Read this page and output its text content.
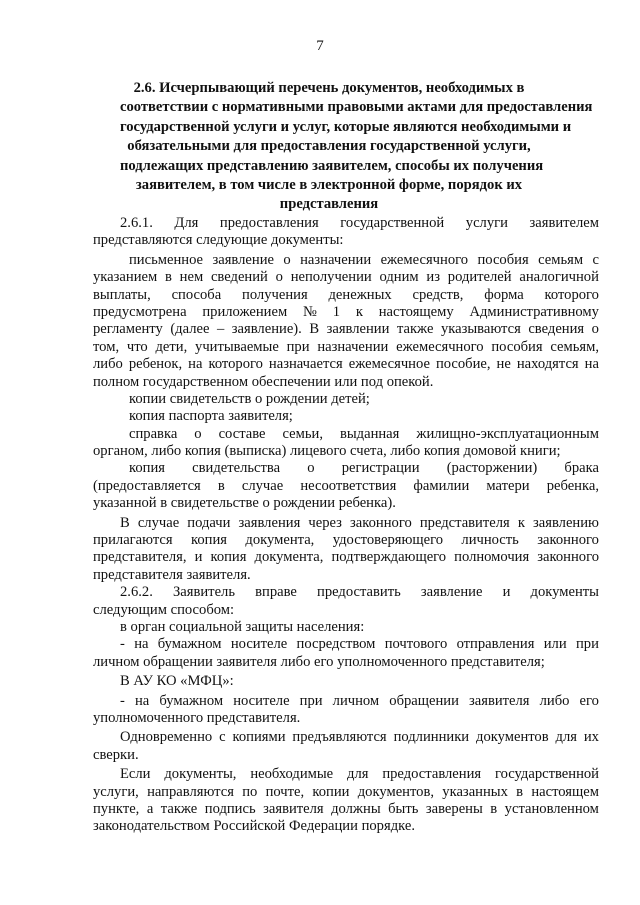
7
2.6. Исчерпывающий перечень документов, необходимых в
соответствии с нормативными правовыми актами для предоставления
государственной услуги и услуг, которые являются необходимыми и
обязательными для предоставления государственной услуги,
подлежащих представлению заявителем, способы их получения
заявителем, в том числе в электронной форме, порядок их
представления
2.6.1. Для предоставления государственной услуги заявителем
представляются следующие документы:
письменное заявление о назначении ежемесячного пособия семьям с
указанием в нем сведений о неполучении одним из родителей аналогичной
выплаты, способа получения денежных средств, форма которого
предусмотрена приложением № 1 к настоящему Административному
регламенту (далее – заявление). В заявлении также указываются сведения о
том, что дети, учитываемые при назначении ежемесячного пособия семьям,
либо ребенок, на которого назначается ежемесячное пособие, не находятся на
полном государственном обеспечении или под опекой.
копии свидетельств о рождении детей;
копия паспорта заявителя;
справка о составе семьи, выданная жилищно-эксплуатационным
органом, либо копия (выписка) лицевого счета, либо копия домовой книги;
копия свидетельства о регистрации (расторжении) брака
(предоставляется в случае несоответствия фамилии матери ребенка,
указанной в свидетельстве о рождении ребенка).
В случае подачи заявления через законного представителя к заявлению
прилагаются копия документа, удостоверяющего личность законного
представителя, и копия документа, подтверждающего полномочия законного
представителя заявителя.
2.6.2. Заявитель вправе предоставить заявление и документы
следующим способом:
в орган социальной защиты населения:
- на бумажном носителе посредством почтового отправления или при
личном обращении заявителя либо его уполномоченного представителя;
В АУ КО «МФЦ»:
- на бумажном носителе при личном обращении заявителя либо его
уполномоченного представителя.
Одновременно с копиями предъявляются подлинники документов для их
сверки.
Если документы, необходимые для предоставления государственной
услуги, направляются по почте, копии документов, указанных в настоящем
пункте, а также подпись заявителя должны быть заверены в установленном
законодательством Российской Федерации порядке.
